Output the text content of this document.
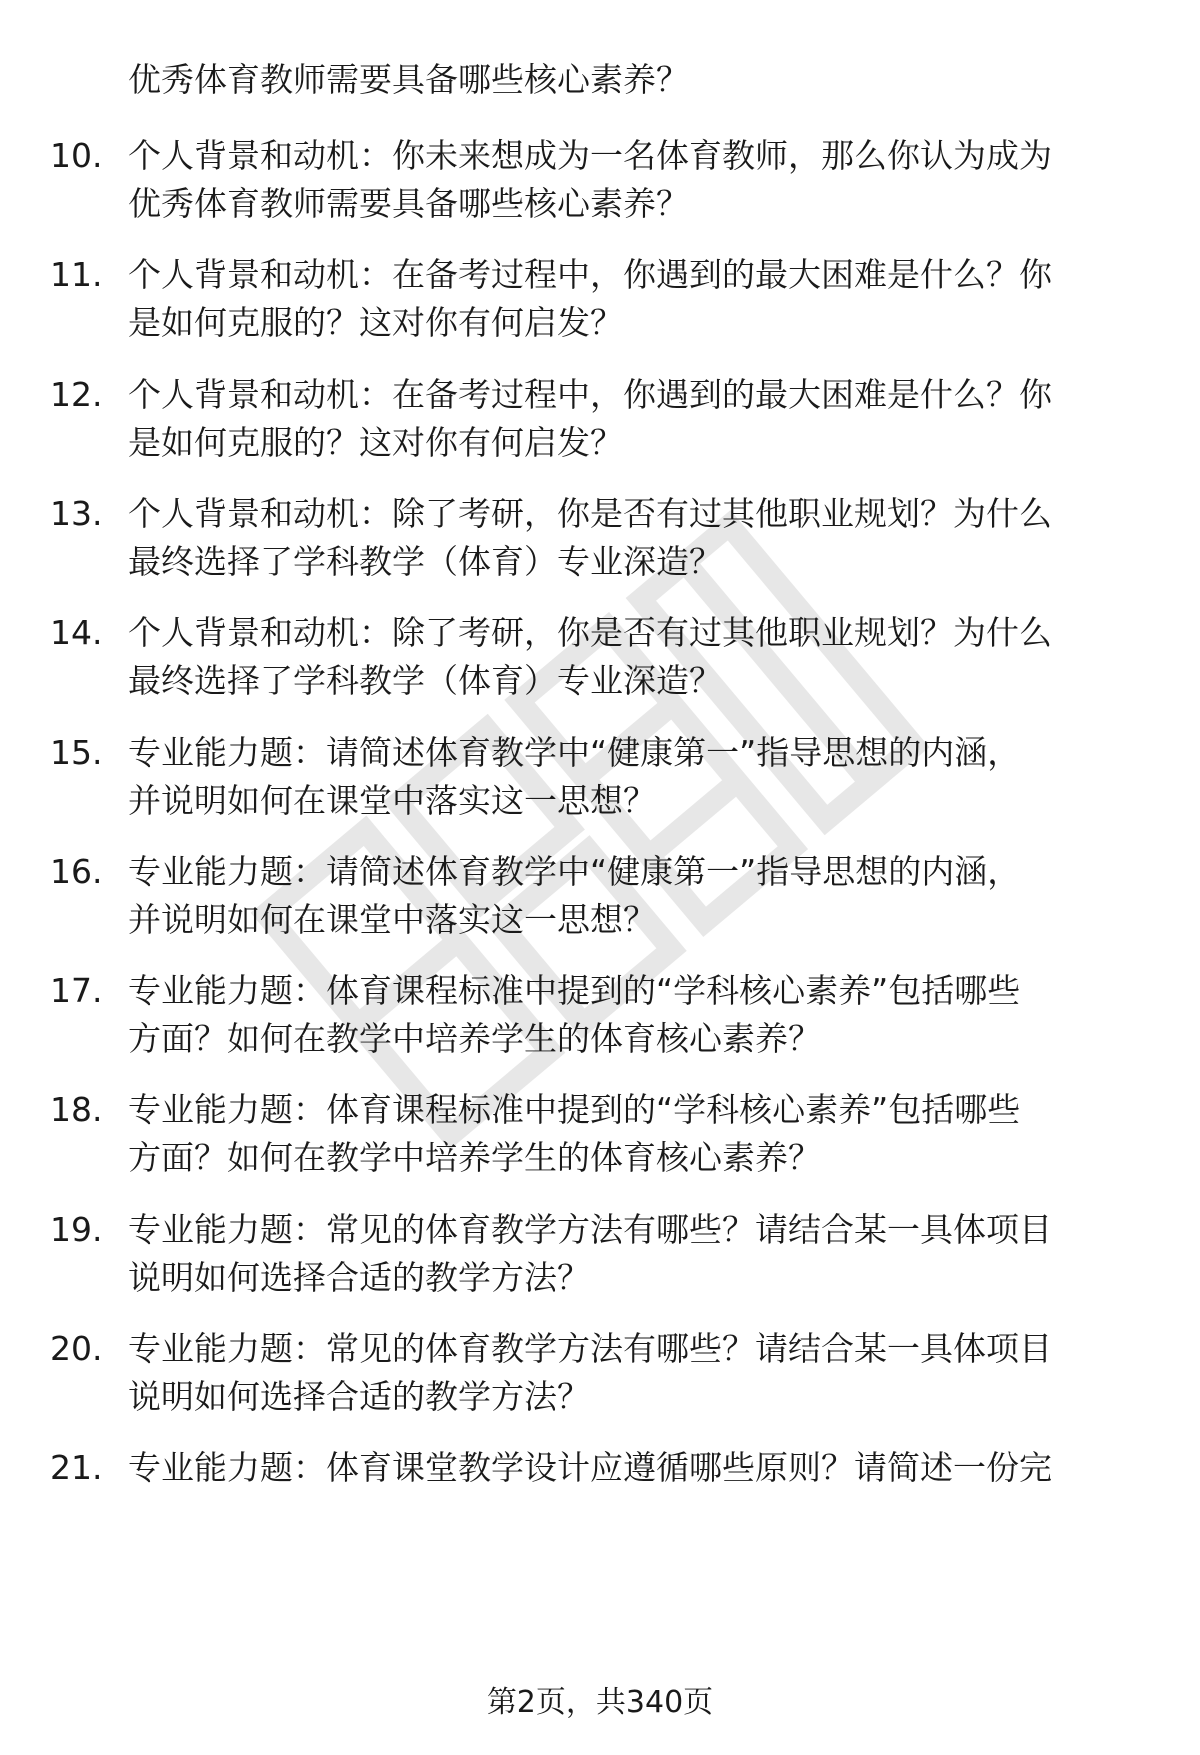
优秀体育教师需要具备哪些核心素养？
10. 个人背景和动机：你未来想成为一名体育教师，那么你认为成为
优秀体育教师需要具备哪些核心素养？
11. 个人背景和动机：在备考过程中，你遇到的最大困难是什么？你
是如何克服的？这对你有何启发？
12. 个人背景和动机：在备考过程中，你遇到的最大困难是什么？你
是如何克服的？这对你有何启发？
13. 个人背景和动机：除了考研，你是否有过其他职业规划？为什么
最终选择了学科教学（体育）专业深造？
14. 个人背景和动机：除了考研，你是否有过其他职业规划？为什么
最终选择了学科教学（体育）专业深造？
15. 专业能力题：请简述体育教学中“健康第一”指导思想的内涵，
并说明如何在课堂中落实这一思想？
16. 专业能力题：请简述体育教学中“健康第一”指导思想的内涵，
并说明如何在课堂中落实这一思想？
17. 专业能力题：体育课程标准中提到的“学科核心素养”包括哪些
方面？如何在教学中培养学生的体育核心素养？
18. 专业能力题：体育课程标准中提到的“学科核心素养”包括哪些
方面？如何在教学中培养学生的体育核心素养？
19. 专业能力题：常见的体育教学方法有哪些？请结合某一具体项目
说明如何选择合适的教学方法？
20. 专业能力题：常见的体育教学方法有哪些？请结合某一具体项目
说明如何选择合适的教学方法？
21. 专业能力题：体育课堂教学设计应遵循哪些原则？请简述一份完
第2页，共340页
